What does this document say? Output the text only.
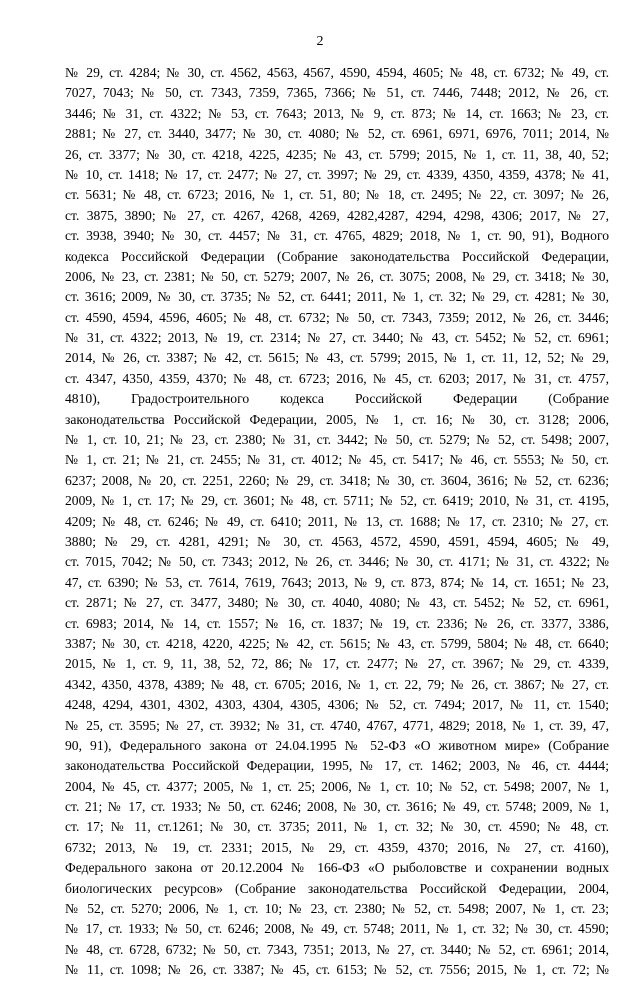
2
№ 29, ст. 4284; № 30, ст. 4562, 4563, 4567, 4590, 4594, 4605; № 48, ст. 6732; № 49, ст.
7027, 7043; № 50, ст. 7343, 7359, 7365, 7366; № 51, ст. 7446, 7448; 2012, № 26, ст.
3446; № 31, ст. 4322; № 53, ст. 7643; 2013, № 9, ст. 873; № 14, ст. 1663; № 23, ст.
2881; № 27, ст. 3440, 3477; № 30, ст. 4080; № 52, ст. 6961, 6971, 6976, 7011; 2014, №
26, ст. 3377; № 30, ст. 4218, 4225, 4235; № 43, ст. 5799; 2015, № 1, ст. 11, 38, 40, 52;
№ 10, ст. 1418; № 17, ст. 2477; № 27, ст. 3997; № 29, ст. 4339, 4350, 4359, 4378; № 41,
ст. 5631; № 48, ст. 6723; 2016, № 1, ст. 51, 80; № 18, ст. 2495; № 22, ст. 3097; № 26,
ст. 3875, 3890; № 27, ст. 4267, 4268, 4269, 4282,4287, 4294, 4298, 4306; 2017, № 27,
ст. 3938, 3940; № 30, ст. 4457; № 31, ст. 4765, 4829; 2018, № 1, ст. 90, 91), Водного
кодекса Российской Федерации (Собрание законодательства Российской Федерации,
2006, № 23, ст. 2381; № 50, ст. 5279; 2007, № 26, ст. 3075; 2008, № 29, ст. 3418; № 30,
ст. 3616; 2009, № 30, ст. 3735; № 52, ст. 6441; 2011, № 1, ст. 32; № 29, ст. 4281; № 30,
ст. 4590, 4594, 4596, 4605; № 48, ст. 6732; № 50, ст. 7343, 7359; 2012, № 26, ст. 3446;
№ 31, ст. 4322; 2013, № 19, ст. 2314; № 27, ст. 3440; № 43, ст. 5452; № 52, ст. 6961;
2014, № 26, ст. 3387; № 42, ст. 5615; № 43, ст. 5799; 2015, № 1, ст. 11, 12, 52; № 29,
ст. 4347, 4350, 4359, 4370; № 48, ст. 6723; 2016, № 45, ст. 6203; 2017, № 31, ст. 4757,
4810), Градостроительного кодекса Российской Федерации (Собрание
законодательства Российской Федерации, 2005, № 1, ст. 16; № 30, ст. 3128; 2006,
№ 1, ст. 10, 21; № 23, ст. 2380; № 31, ст. 3442; № 50, ст. 5279; № 52, ст. 5498; 2007,
№ 1, ст. 21; № 21, ст. 2455; № 31, ст. 4012; № 45, ст. 5417; № 46, ст. 5553; № 50, ст.
6237; 2008, № 20, ст. 2251, 2260; № 29, ст. 3418; № 30, ст. 3604, 3616; № 52, ст. 6236;
2009, № 1, ст. 17; № 29, ст. 3601; № 48, ст. 5711; № 52, ст. 6419; 2010, № 31, ст. 4195,
4209; № 48, ст. 6246; № 49, ст. 6410; 2011, № 13, ст. 1688; № 17, ст. 2310; № 27, ст.
3880; № 29, ст. 4281, 4291; № 30, ст. 4563, 4572, 4590, 4591, 4594, 4605; № 49,
ст. 7015, 7042; № 50, ст. 7343; 2012, № 26, ст. 3446; № 30, ст. 4171; № 31, ст. 4322; №
47, ст. 6390; № 53, ст. 7614, 7619, 7643; 2013, № 9, ст. 873, 874; № 14, ст. 1651; № 23,
ст. 2871; № 27, ст. 3477, 3480; № 30, ст. 4040, 4080; № 43, ст. 5452; № 52, ст. 6961,
ст. 6983; 2014, № 14, ст. 1557; № 16, ст. 1837; № 19, ст. 2336; № 26, ст. 3377, 3386,
3387; № 30, ст. 4218, 4220, 4225; № 42, ст. 5615; № 43, ст. 5799, 5804; № 48, ст. 6640;
2015, № 1, ст. 9, 11, 38, 52, 72, 86; № 17, ст. 2477; № 27, ст. 3967; № 29, ст. 4339,
4342, 4350, 4378, 4389; № 48, ст. 6705; 2016, № 1, ст. 22, 79; № 26, ст. 3867; № 27, ст.
4248, 4294, 4301, 4302, 4303, 4304, 4305, 4306; № 52, ст. 7494; 2017, № 11, ст. 1540;
№ 25, ст. 3595; № 27, ст. 3932; № 31, ст. 4740, 4767, 4771, 4829; 2018, № 1, ст. 39, 47,
90, 91), Федерального закона от 24.04.1995 № 52-ФЗ «О животном мире» (Собрание
законодательства Российской Федерации, 1995, № 17, ст. 1462; 2003, № 46, ст. 4444;
2004, № 45, ст. 4377; 2005, № 1, ст. 25; 2006, № 1, ст. 10; № 52, ст. 5498; 2007, № 1,
ст. 21; № 17, ст. 1933; № 50, ст. 6246; 2008, № 30, ст. 3616; № 49, ст. 5748; 2009, № 1,
ст. 17; № 11, ст.1261; № 30, ст. 3735; 2011, № 1, ст. 32; № 30, ст. 4590; № 48, ст.
6732; 2013, № 19, ст. 2331; 2015, № 29, ст. 4359, 4370; 2016, № 27, ст. 4160),
Федерального закона от 20.12.2004 № 166-ФЗ «О рыболовстве и сохранении водных
биологических ресурсов» (Собрание законодательства Российской Федерации, 2004,
№ 52, ст. 5270; 2006, № 1, ст. 10; № 23, ст. 2380; № 52, ст. 5498; 2007, № 1, ст. 23;
№ 17, ст. 1933; № 50, ст. 6246; 2008, № 49, ст. 5748; 2011, № 1, ст. 32; № 30, ст. 4590;
№ 48, ст. 6728, 6732; № 50, ст. 7343, 7351; 2013, № 27, ст. 3440; № 52, ст. 6961; 2014,
№ 11, ст. 1098; № 26, ст. 3387; № 45, ст. 6153; № 52, ст. 7556; 2015, № 1, ст. 72; №
